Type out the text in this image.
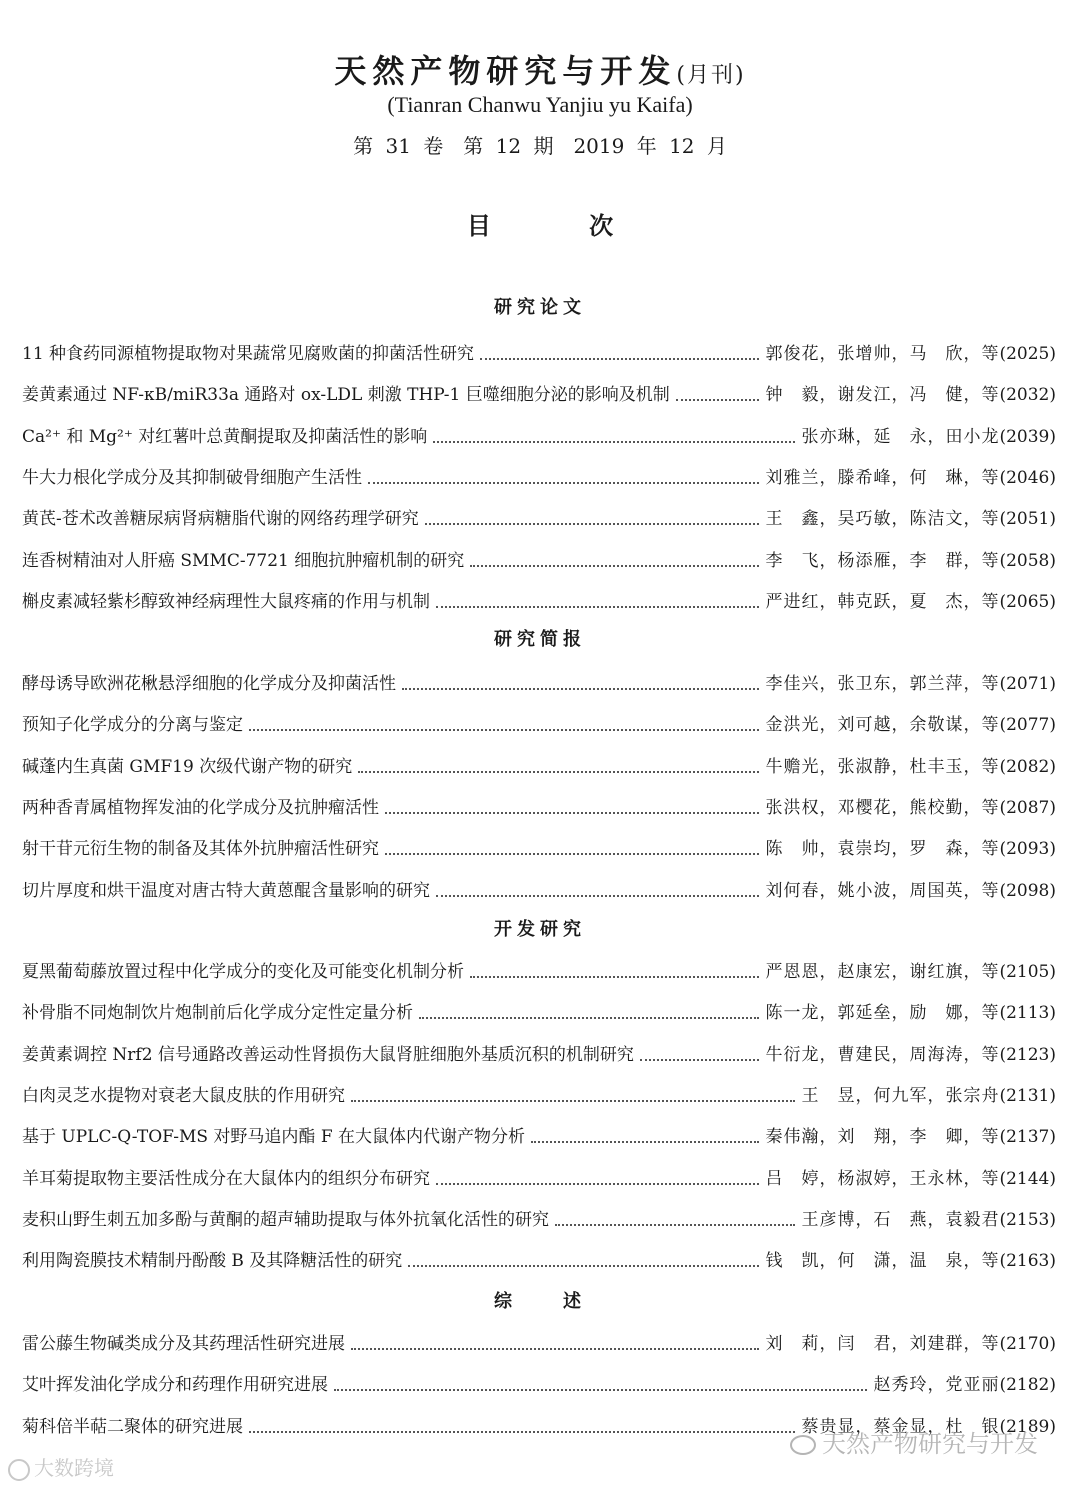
天然产物研究与开发(月刊)
(Tianran Chanwu Yanjiu yu Kaifa)
第 31 卷　第 12 期　2019 年 12 月
目 次
研究论文
11 种食药同源植物提取物对果蔬常见腐败菌的抑菌活性研究	郭俊花，张增帅，马　欣，等 (2025)
姜黄素通过 NF-κB/miR33a 通路对 ox-LDL 刺激 THP-1 巨噬细胞分泌的影响及机制	钟　毅，谢发江，冯　健，等 (2032)
Ca²⁺ 和 Mg²⁺ 对红薯叶总黄酮提取及抑菌活性的影响	张亦琳，延　永，田小龙 (2039)
牛大力根化学成分及其抑制破骨细胞产生活性	刘雅兰，滕希峰，何　琳，等 (2046)
黄芪-苍术改善糖尿病肾病糖脂代谢的网络药理学研究	王　鑫，吴巧敏，陈洁文，等 (2051)
连香树精油对人肝癌 SMMC-7721 细胞抗肿瘤机制的研究	李　飞，杨添雁，李　群，等 (2058)
槲皮素减轻紫杉醇致神经病理性大鼠疼痛的作用与机制	严进红，韩克跃，夏　杰，等 (2065)
研究简报
酵母诱导欧洲花楸悬浮细胞的化学成分及抑菌活性	李佳兴，张卫东，郭兰萍，等 (2071)
预知子化学成分的分离与鉴定	金洪光，刘可越，余敬谋，等 (2077)
碱蓬内生真菌 GMF19 次级代谢产物的研究	牛赡光，张淑静，杜丰玉，等 (2082)
两种香青属植物挥发油的化学成分及抗肿瘤活性	张洪权，邓樱花，熊校勤，等 (2087)
射干苷元衍生物的制备及其体外抗肿瘤活性研究	陈　帅，袁崇均，罗　森，等 (2093)
切片厚度和烘干温度对唐古特大黄蒽醌含量影响的研究	刘何春，姚小波，周国英，等 (2098)
开发研究
夏黑葡萄藤放置过程中化学成分的变化及可能变化机制分析	严恩恩，赵康宏，谢红旗，等 (2105)
补骨脂不同炮制饮片炮制前后化学成分定性定量分析	陈一龙，郭延垒，励　娜，等 (2113)
姜黄素调控 Nrf2 信号通路改善运动性肾损伤大鼠肾脏细胞外基质沉积的机制研究	牛衍龙，曹建民，周海涛，等 (2123)
白肉灵芝水提物对衰老大鼠皮肤的作用研究	王　昱，何九军，张宗舟 (2131)
基于 UPLC-Q-TOF-MS 对野马追内酯 F 在大鼠体内代谢产物分析	秦伟瀚，刘　翔，李　卿，等 (2137)
羊耳菊提取物主要活性成分在大鼠体内的组织分布研究	吕　婷，杨淑婷，王永林，等 (2144)
麦积山野生刺五加多酚与黄酮的超声辅助提取与体外抗氧化活性的研究	王彦博，石　燕，袁毅君 (2153)
利用陶瓷膜技术精制丹酚酸 B 及其降糖活性的研究	钱　凯，何　潇，温　泉，等 (2163)
综　　述
雷公藤生物碱类成分及其药理活性研究进展	刘　莉，闫　君，刘建群，等 (2170)
艾叶挥发油化学成分和药理作用研究进展	赵秀玲，党亚丽 (2182)
菊科倍半萜二聚体的研究进展	蔡贵显，蔡金显，杜　银 (2189)
大数跨境
天然产物研究与开发
